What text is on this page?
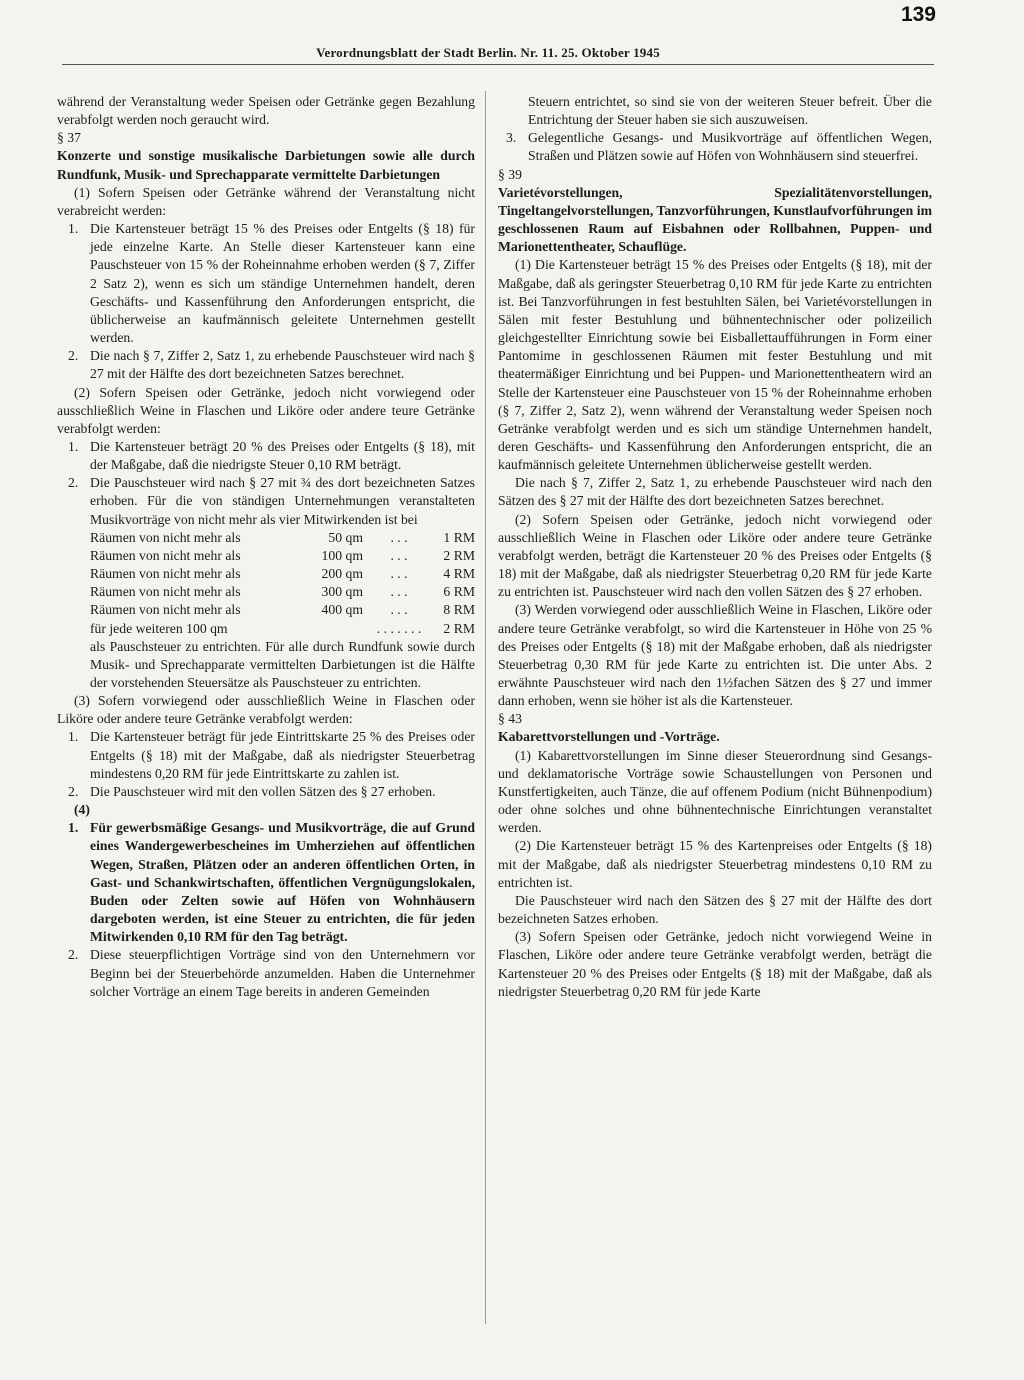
139
Verordnungsblatt der Stadt Berlin. Nr. 11. 25. Oktober 1945

während der Veranstaltung weder Speisen oder Getränke gegen Bezahlung verabfolgt werden noch geraucht wird.

§ 37

Konzerte und sonstige musikalische Darbietungen sowie alle durch Rundfunk, Musik- und Sprechapparate vermittelte Darbietungen

(1) Sofern Speisen oder Getränke während der Veranstaltung nicht verabreicht werden:

1. Die Kartensteuer beträgt 15 % des Preises oder Entgelts (§ 18) für jede einzelne Karte. An Stelle dieser Kartensteuer kann eine Pauschsteuer von 15 % der Roheinnahme erhoben werden (§ 7, Ziffer 2 Satz 2), wenn es sich um ständige Unternehmen handelt, deren Geschäfts- und Kassenführung den Anforderungen entspricht, die üblicherweise an kaufmännisch geleitete Unternehmen gestellt werden.
2. Die nach § 7, Ziffer 2, Satz 1, zu erhebende Pauschsteuer wird nach § 27 mit der Hälfte des dort bezeichneten Satzes berechnet.

(2) Sofern Speisen oder Getränke, jedoch nicht vorwiegend oder ausschließlich Weine in Flaschen und Liköre oder andere teure Getränke verabfolgt werden:

1. Die Kartensteuer beträgt 20 % des Preises oder Entgelts (§ 18), mit der Maßgabe, daß die niedrigste Steuer 0,10 RM beträgt.
2. Die Pauschsteuer wird nach § 27 mit ¾ des dort bezeichneten Satzes erhoben. Für die von ständigen Unternehmungen veranstalteten Musikvorträge von nicht mehr als vier Mitwirkenden ist bei
Räumen von nicht mehr als	50 qm	. . .	1 RM
Räumen von nicht mehr als	100 qm	. . .	2 RM
Räumen von nicht mehr als	200 qm	. . .	4 RM
Räumen von nicht mehr als	300 qm	. . .	6 RM
Räumen von nicht mehr als	400 qm	. . .	8 RM
für jede weiteren 100 qm	. . . . . . .	2 RM

als Pauschsteuer zu entrichten. Für alle durch Rundfunk sowie durch Musik- und Sprechapparate vermittelten Darbietungen ist die Hälfte der vorstehenden Steuersätze als Pauschsteuer zu entrichten.

(3) Sofern vorwiegend oder ausschließlich Weine in Flaschen oder Liköre oder andere teure Getränke verabfolgt werden:

1. Die Kartensteuer beträgt für jede Eintrittskarte 25 % des Preises oder Entgelts (§ 18) mit der Maßgabe, daß als niedrigster Steuerbetrag mindestens 0,20 RM für jede Eintrittskarte zu zahlen ist.
2. Die Pauschsteuer wird mit den vollen Sätzen des § 27 erhoben.

(4)

1. Für gewerbsmäßige Gesangs- und Musikvorträge, die auf Grund eines Wandergewerbescheines im Umherziehen auf öffentlichen Wegen, Straßen, Plätzen oder an anderen öffentlichen Orten, in Gast- und Schankwirtschaften, öffentlichen Vergnügungslokalen, Buden oder Zelten sowie auf Höfen von Wohnhäusern dargeboten werden, ist eine Steuer zu entrichten, die für jeden Mitwirkenden 0,10 RM für den Tag beträgt.
2. Diese steuerpflichtigen Vorträge sind von den Unternehmern vor Beginn bei der Steuerbehörde anzumelden. Haben die Unternehmer solcher Vorträge an einem Tage bereits in anderen Gemeinden

Steuern entrichtet, so sind sie von der weiteren Steuer befreit. Über die Entrichtung der Steuer haben sie sich auszuweisen.

3. Gelegentliche Gesangs- und Musikvorträge auf öffentlichen Wegen, Straßen und Plätzen sowie auf Höfen von Wohnhäusern sind steuerfrei.

§ 39

Varietévorstellungen, Spezialitätenvorstellungen, Tingeltangelvorstellungen, Tanzvorführungen, Kunstlaufvorführungen im geschlossenen Raum auf Eisbahnen oder Rollbahnen, Puppen- und Marionettentheater, Schauflüge.

(1) Die Kartensteuer beträgt 15 % des Preises oder Entgelts (§ 18), mit der Maßgabe, daß als geringster Steuerbetrag 0,10 RM für jede Karte zu entrichten ist. Bei Tanzvorführungen in fest bestuhlten Sälen, bei Varietévorstellungen in Sälen mit fester Bestuhlung und bühnentechnischer oder polizeilich gleichgestellter Einrichtung sowie bei Eisballettaufführungen in Form einer Pantomime in geschlossenen Räumen mit fester Bestuhlung und mit theatermäßiger Einrichtung und bei Puppen- und Marionettentheatern wird an Stelle der Kartensteuer eine Pauschsteuer von 15 % der Roheinnahme erhoben (§ 7, Ziffer 2, Satz 2), wenn während der Veranstaltung weder Speisen noch Getränke verabfolgt werden und es sich um ständige Unternehmen handelt, deren Geschäfts- und Kassenführung den Anforderungen entspricht, die an kaufmännisch geleitete Unternehmen üblicherweise gestellt werden.

Die nach § 7, Ziffer 2, Satz 1, zu erhebende Pauschsteuer wird nach den Sätzen des § 27 mit der Hälfte des dort bezeichneten Satzes berechnet.

(2) Sofern Speisen oder Getränke, jedoch nicht vorwiegend oder ausschließlich Weine in Flaschen oder Liköre oder andere teure Getränke verabfolgt werden, beträgt die Kartensteuer 20 % des Preises oder Entgelts (§ 18) mit der Maßgabe, daß als niedrigster Steuerbetrag 0,20 RM für jede Karte zu entrichten ist. Pauschsteuer wird nach den vollen Sätzen des § 27 erhoben.

(3) Werden vorwiegend oder ausschließlich Weine in Flaschen, Liköre oder andere teure Getränke verabfolgt, so wird die Kartensteuer in Höhe von 25 % des Preises oder Entgelts (§ 18) mit der Maßgabe erhoben, daß als niedrigster Steuerbetrag 0,30 RM für jede Karte zu entrichten ist. Die unter Abs. 2 erwähnte Pauschsteuer wird nach den 1½fachen Sätzen des § 27 und immer dann erhoben, wenn sie höher ist als die Kartensteuer.

§ 43

Kabarettvorstellungen und -Vorträge.

(1) Kabarettvorstellungen im Sinne dieser Steuerordnung sind Gesangs- und deklamatorische Vorträge sowie Schaustellungen von Personen und Kunstfertigkeiten, auch Tänze, die auf offenem Podium (nicht Bühnenpodium) oder ohne solches und ohne bühnentechnische Einrichtungen veranstaltet werden.

(2) Die Kartensteuer beträgt 15 % des Kartenpreises oder Entgelts (§ 18) mit der Maßgabe, daß als niedrigster Steuerbetrag mindestens 0,10 RM zu entrichten ist.

Die Pauschsteuer wird nach den Sätzen des § 27 mit der Hälfte des dort bezeichneten Satzes erhoben.

(3) Sofern Speisen oder Getränke, jedoch nicht vorwiegend Weine in Flaschen, Liköre oder andere teure Getränke verabfolgt werden, beträgt die Kartensteuer 20 % des Preises oder Entgelts (§ 18) mit der Maßgabe, daß als niedrigster Steuerbetrag 0,20 RM für jede Karte
